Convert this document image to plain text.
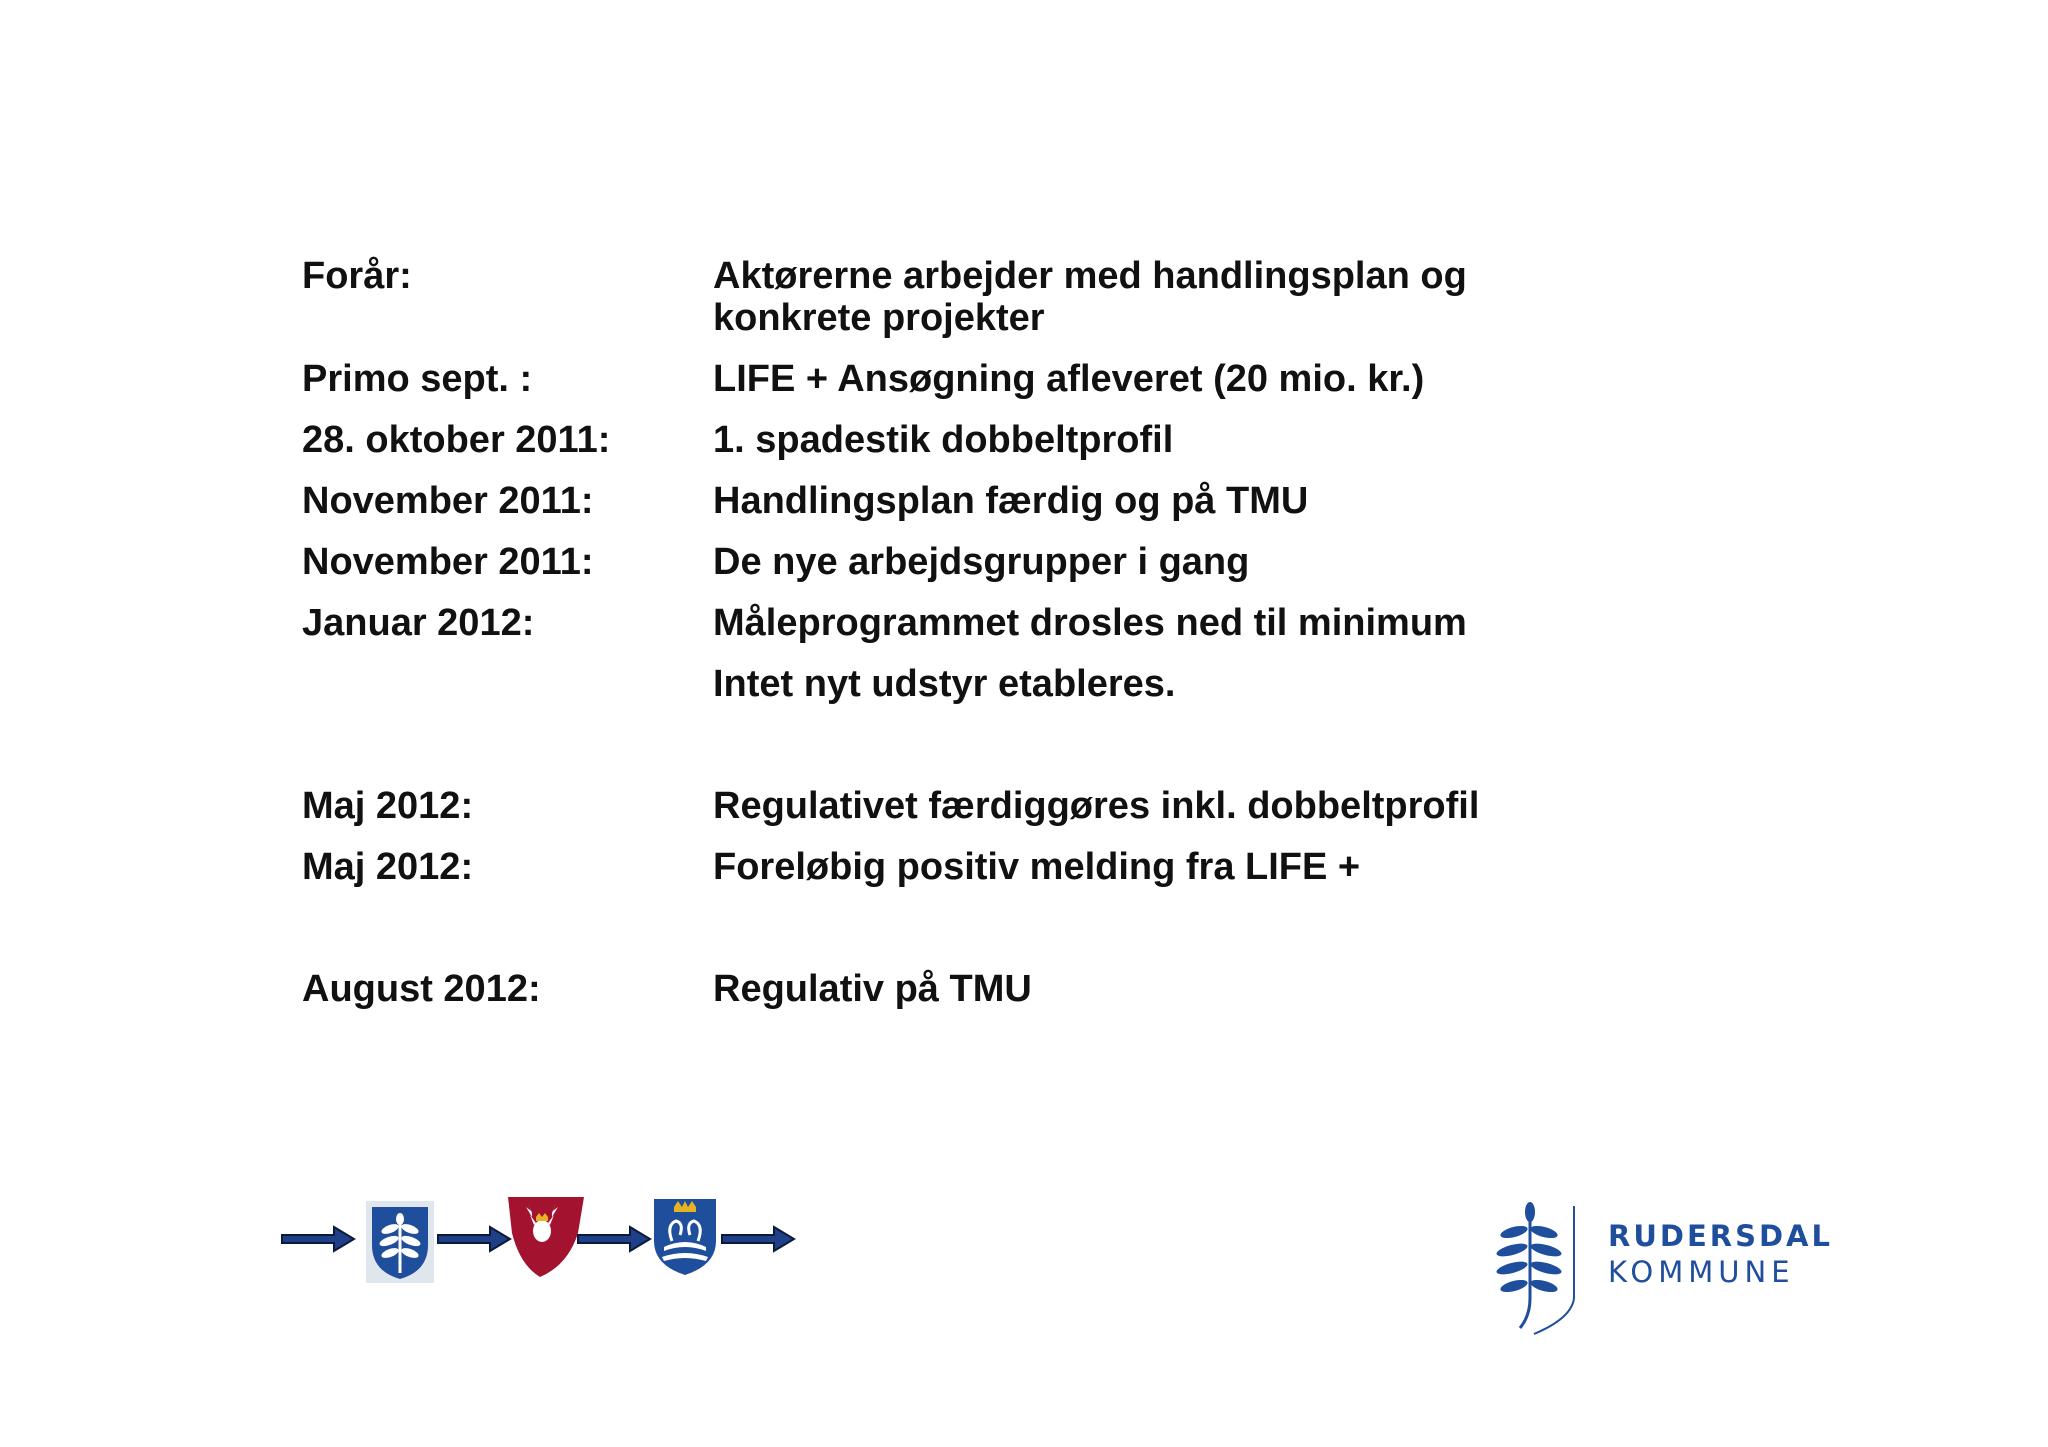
Forår:	Aktørerne arbejder med handlingsplan og
konkrete projekter
Primo sept. :	LIFE + Ansøgning afleveret (20 mio. kr.)
28. oktober 2011:	1. spadestik dobbeltprofil
November 2011:	Handlingsplan færdig og på TMU
November 2011:	De nye arbejdsgrupper i gang
Januar 2012:	Måleprogrammet drosles ned til minimum
Intet nyt udstyr etableres.
Maj 2012:	Regulativet færdiggøres inkl. dobbeltprofil
Maj 2012:	Foreløbig positiv melding fra LIFE +
August 2012:	Regulativ på TMU
RUDERSDAL
KOMMUNE
